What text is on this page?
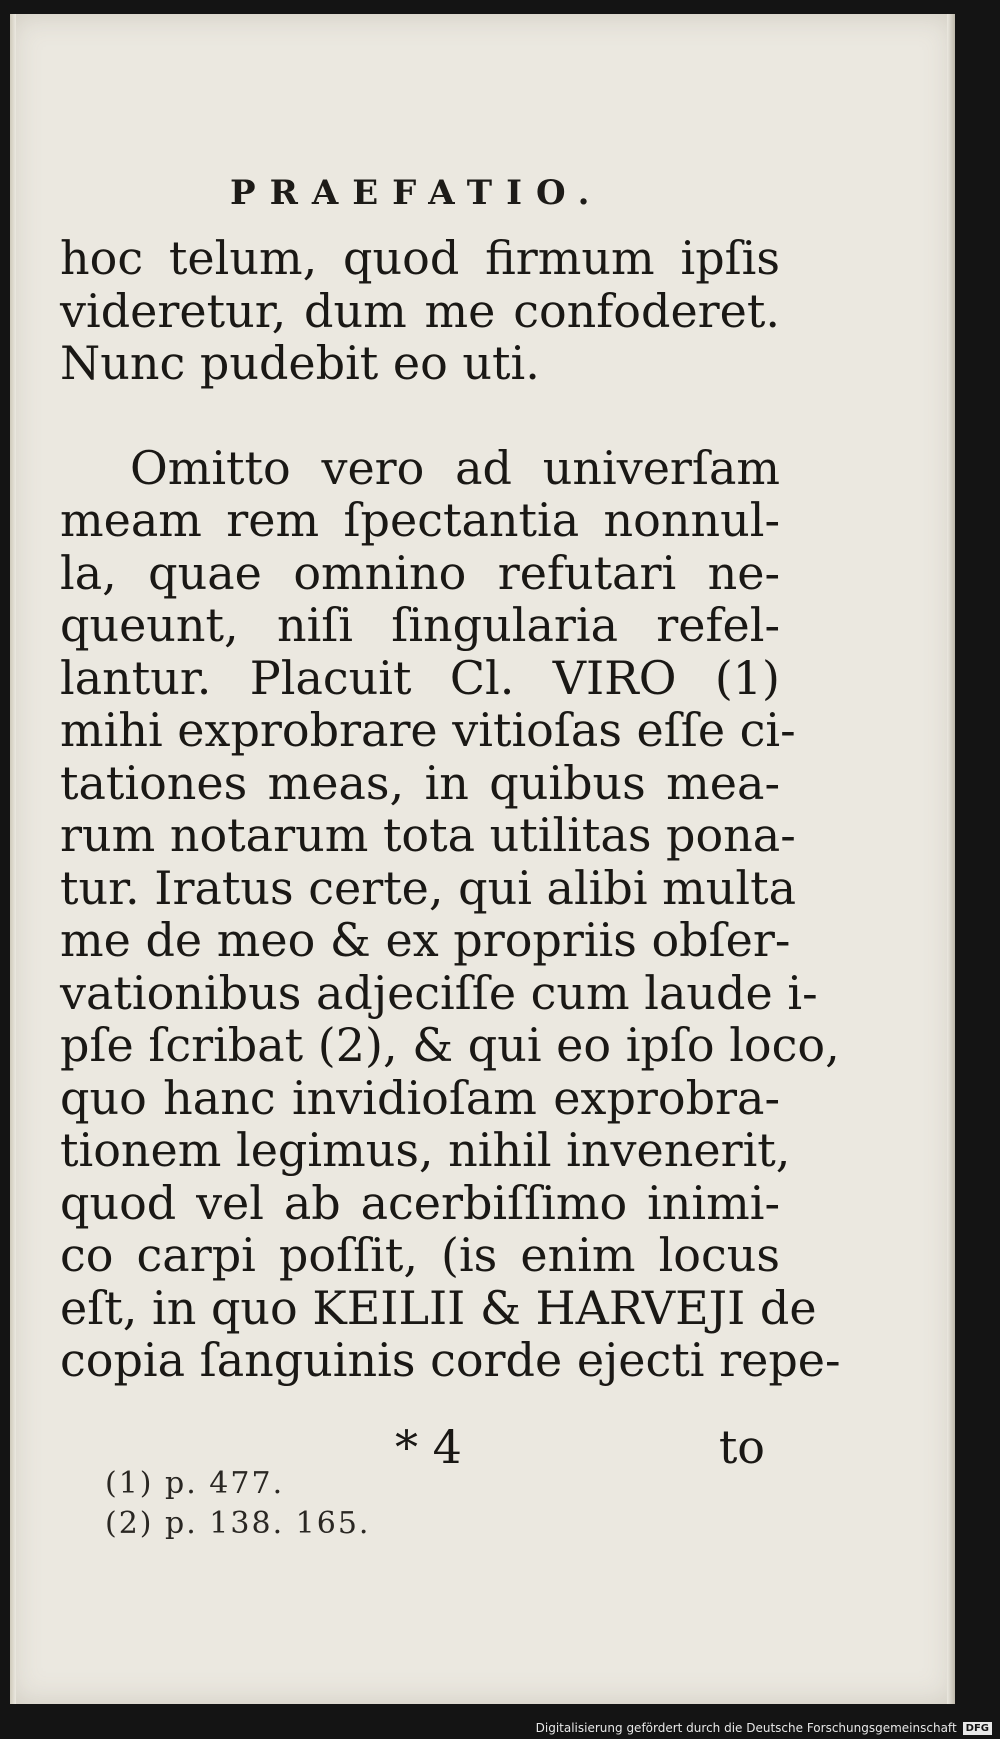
PRAEFATIO.
hoc telum, quod firmum ipſis
videretur, dum me confoderet.
Nunc pudebit eo uti.
Omitto vero ad univerſam
meam rem ſpectantia nonnul-
la, quae omnino refutari ne-
queunt, niſi ſingularia refel-
lantur. Placuit Cl. VIRO (1)
mihi exprobrare vitioſas eſſe ci-
tationes meas, in quibus mea-
rum notarum tota utilitas pona-
tur. Iratus certe, qui alibi multa
me de meo & ex propriis obſer-
vationibus adjeciſſe cum laude i-
pſe ſcribat (2), & qui eo ipſo loco,
quo hanc invidioſam exprobra-
tionem legimus, nihil invenerit,
quod vel ab acerbiſſimo inimi-
co carpi poſſit, (is enim locus
eſt, in quo KEILII & HARVEJI de
copia ſanguinis corde ejecti repe-
* 4	to
(1) p. 477.
(2) p. 138. 165.
Digitalisierung gefördert durch die Deutsche Forschungsgemeinschaft DFG
